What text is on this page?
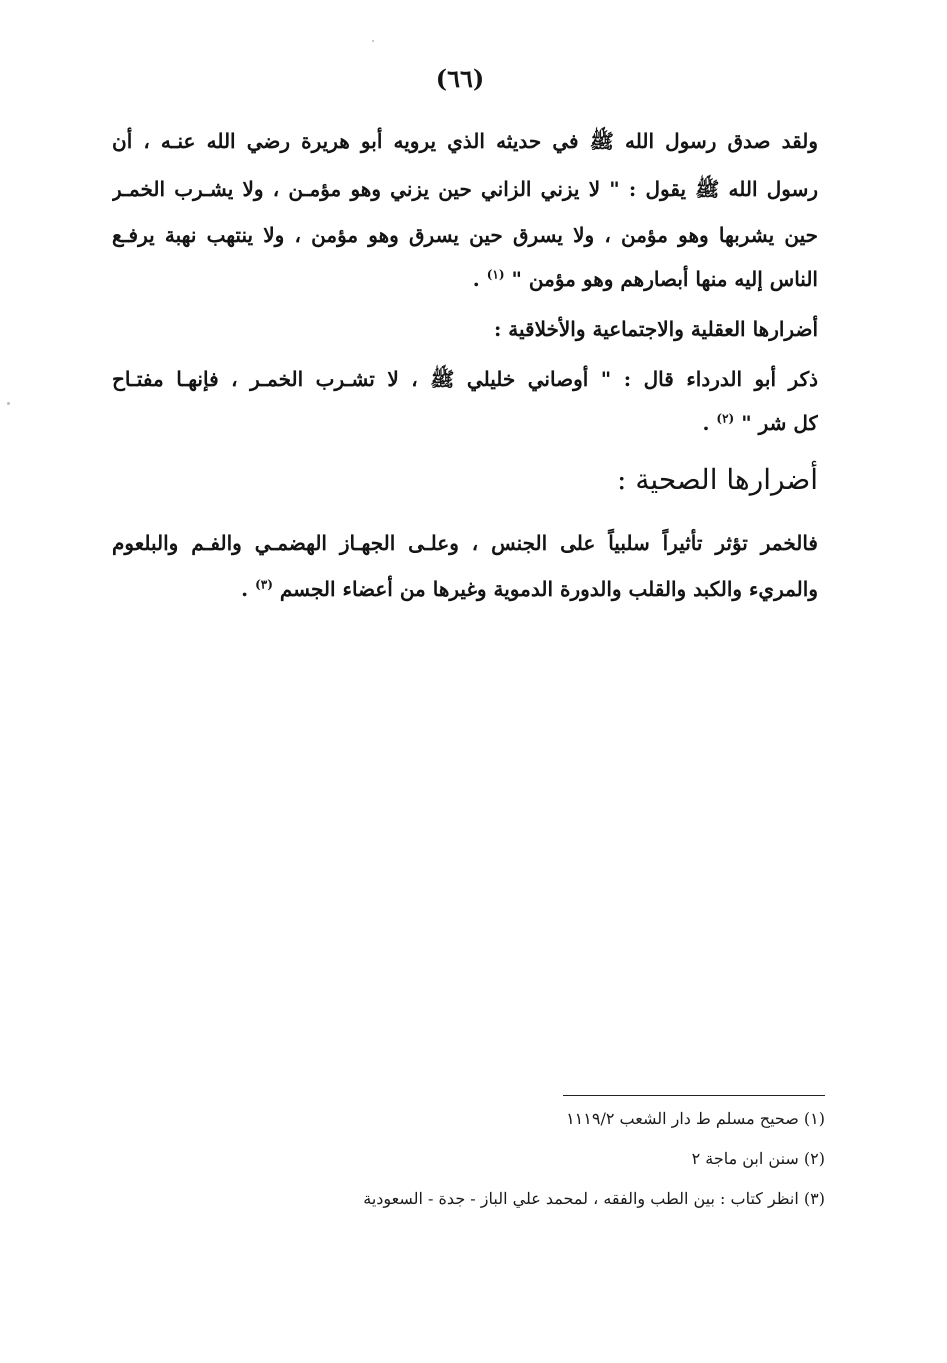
(٦٦)
ولقد صدق رسول الله ﷺ في حديثه الذي يرويه أبو هريرة رضي الله عنـه ، أن
رسول الله ﷺ يقول : " لا يزني الزاني حين يزني وهو مؤمـن ، ولا يشـرب الخمـر
حين يشربها وهو مؤمن ، ولا يسرق حين يسرق وهو مؤمن ، ولا ينتهب نهبة يرفـع
الناس إليه منها أبصارهم وهو مؤمن " $^{(١)}$ .
أضرارها العقلية والاجتماعية والأخلاقية :
ذكر أبو الدرداء قال : " أوصاني خليلي ﷺ ، لا تشـرب الخمـر ، فإنهـا مفتـاح
كل شر " $^{(٢)}$ .
أضرارها الصحية :
فالخمر تؤثر تأثيراً سلبياً على الجنس ، وعلـى الجهـاز الهضمـي والفـم والبلعوم
والمريء والكبد والقلب والدورة الدموية وغيرها من أعضاء الجسم $^{(٣)}$ .
(١) صحيح مسلم ط دار الشعب ١١١٩/٢
(٢) سنن ابن ماجة ٢
(٣) انظر كتاب : بين الطب والفقه ، لمحمد علي الباز - جدة - السعودية
